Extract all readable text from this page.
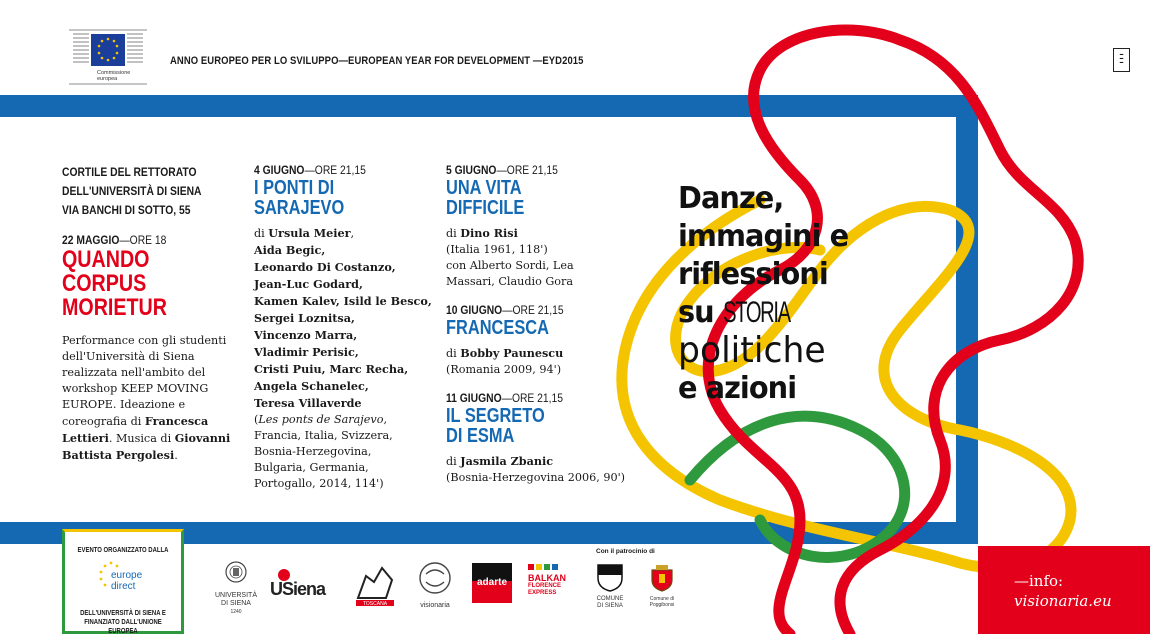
Commissione
europea
ANNO EUROPEO PER LO SVILUPPO—EUROPEAN YEAR FOR DEVELOPMENT —EYD2015
▬
▬
▬
CORTILE DEL RETTORATO
DELL'UNIVERSITÀ DI SIENA
VIA BANCHI DI SOTTO, 55
22 MAGGIO—ORE 18
QUANDO
CORPUS
MORIETUR
Performance con gli studenti
dell'Università di Siena
realizzata nell'ambito del
workshop KEEP MOVING
EUROPE. Ideazione e
coreografia di Francesca
Lettieri. Musica di Giovanni
Battista Pergolesi.
4 GIUGNO—ORE 21,15
I PONTI DI
SARAJEVO
di Ursula Meier,
Aida Begic,
Leonardo Di Costanzo,
Jean-Luc Godard,
Kamen Kalev, Isild le Besco,
Sergei Loznitsa,
Vincenzo Marra,
Vladimir Perisic,
Cristi Puiu, Marc Recha,
Angela Schanelec,
Teresa Villaverde
(Les ponts de Sarajevo,
Francia, Italia, Svizzera,
Bosnia-Herzegovina,
Bulgaria, Germania,
Portogallo, 2014, 114')
5 GIUGNO—ORE 21,15
UNA VITA
DIFFICILE
di Dino Risi
(Italia 1961, 118')
con Alberto Sordi, Lea
Massari, Claudio Gora
10 GIUGNO—ORE 21,15
FRANCESCA
di Bobby Paunescu
(Romania 2009, 94')
11 GIUGNO—ORE 21,15
IL SEGRETO
DI ESMA
di Jasmila Zbanic
(Bosnia-Herzegovina 2006, 90')
Danze,
immagini e
riflessioni
su STORIA
politiche
e azioni
EVENTO ORGANIZZATO DALLA
europe
direct
DELL'UNIVERSITÀ DI SIENA E
FINANZIATO DALL'UNIONE EUROPEA
UNIVERSITÀ
DI SIENA
1240
USiena
TOSCANA	visionaria
adarte	BALKAN
FLORENCE
EXPRESS
Con il patrocinio di
COMUNE
DI SIENA
Comune di
Poggibonsi
—info:
visionaria.eu
